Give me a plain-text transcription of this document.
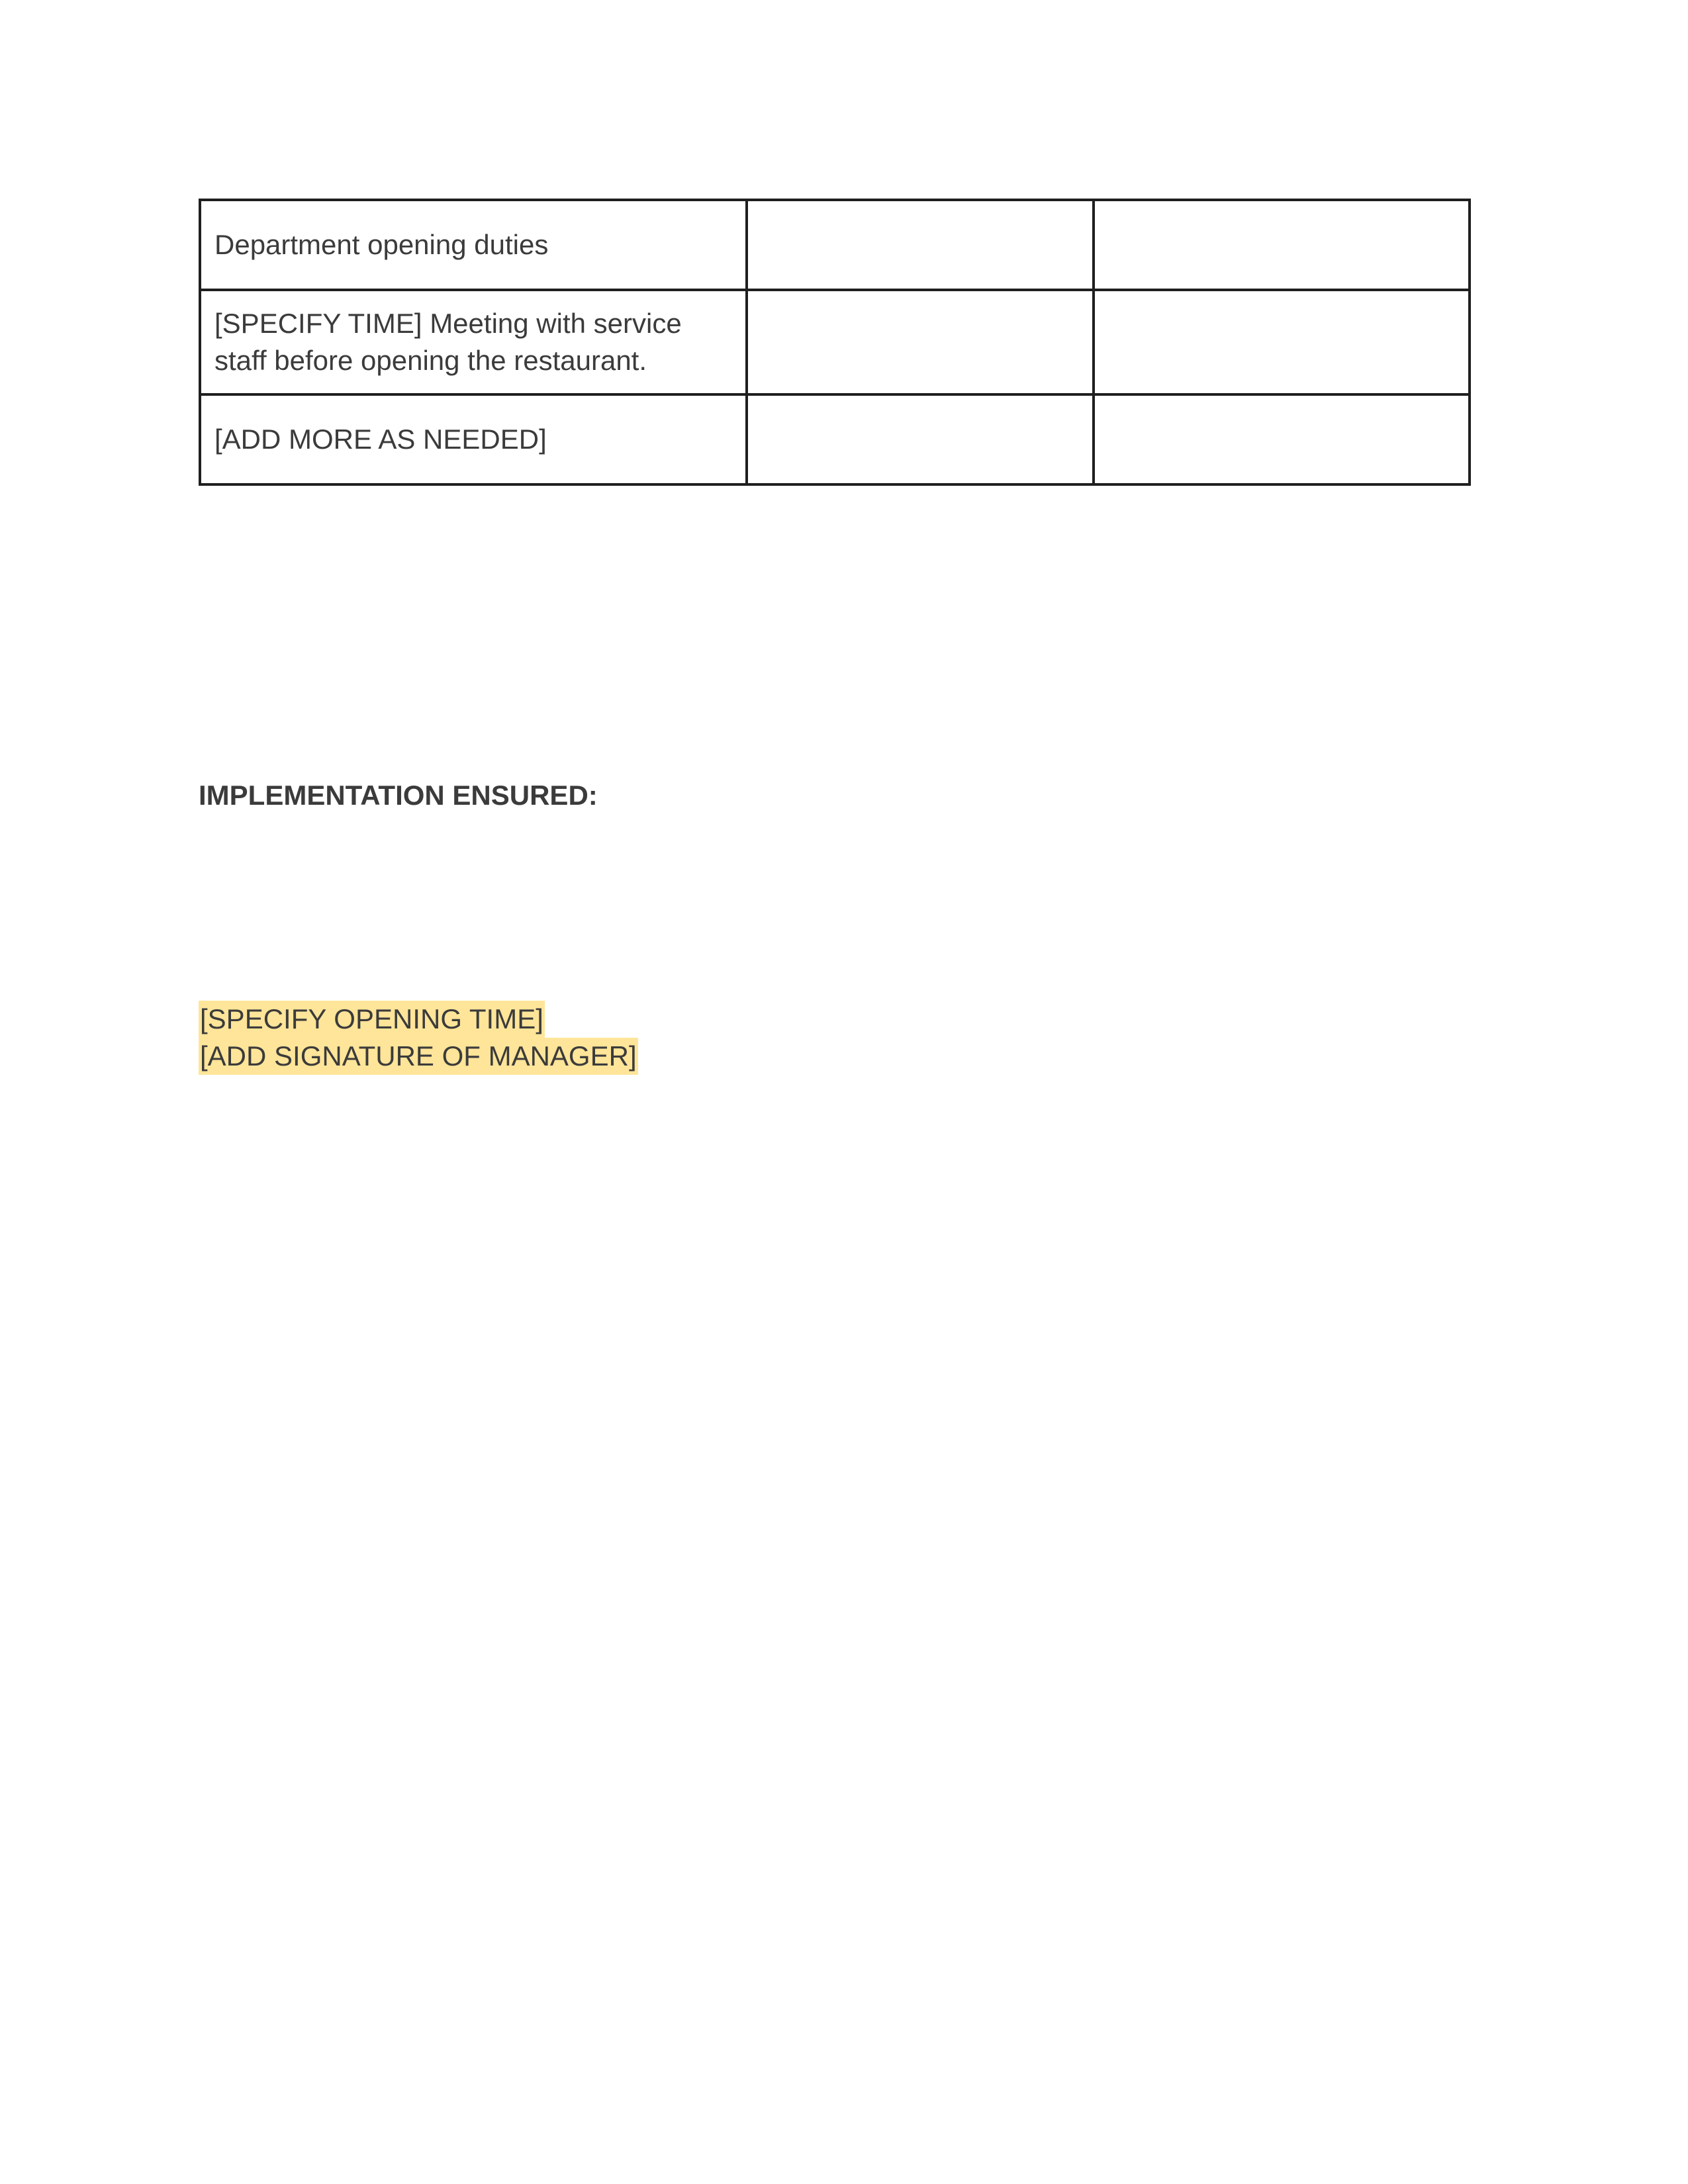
Department opening duties		
[SPECIFY TIME] Meeting with service staff before opening the restaurant.		
[ADD MORE AS NEEDED]		

IMPLEMENTATION ENSURED:

[SPECIFY OPENING TIME]
[ADD SIGNATURE OF MANAGER]
